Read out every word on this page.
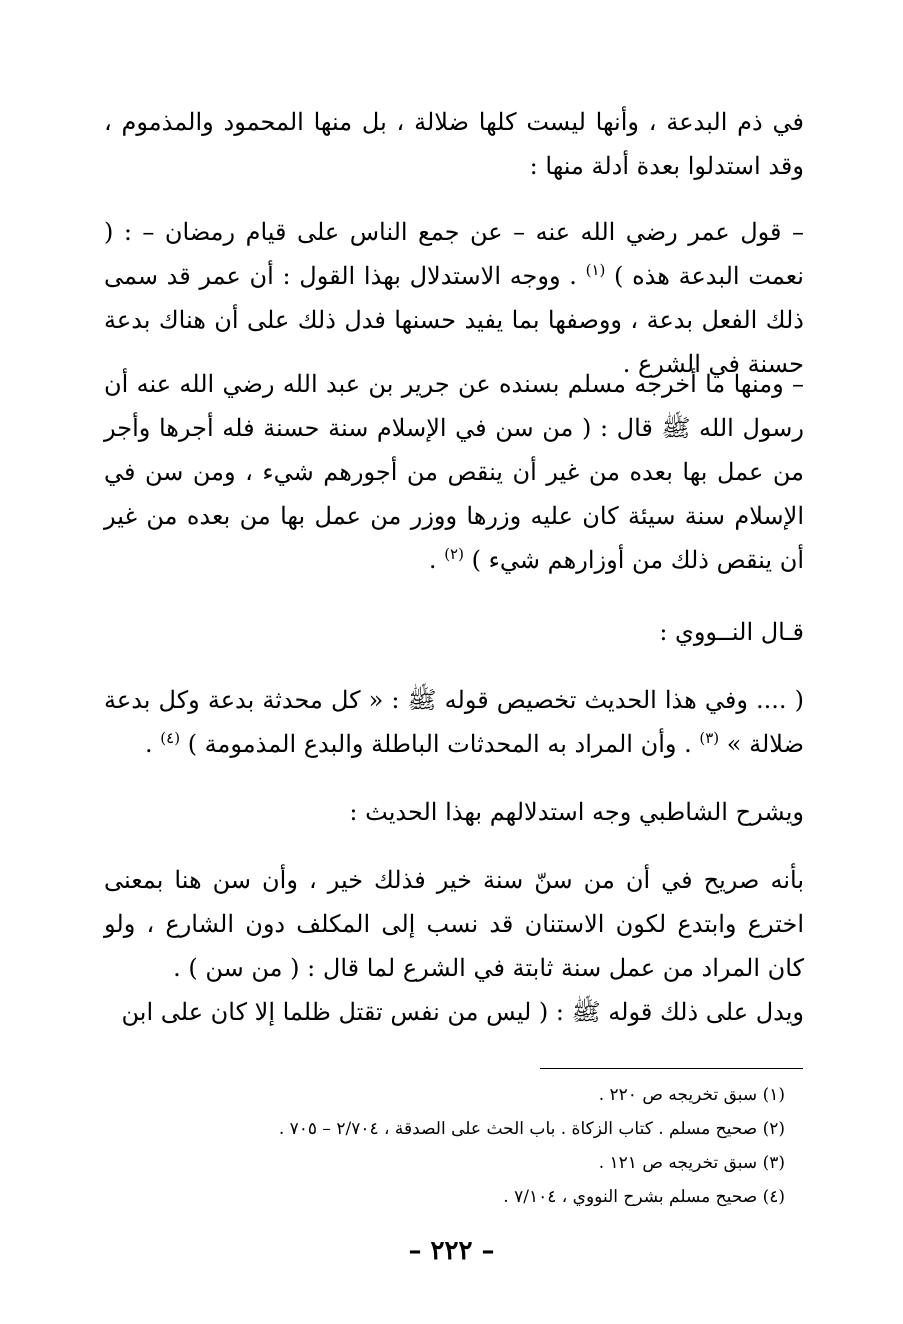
في ذم البدعة ، وأنها ليست كلها ضلالة ، بل منها المحمود والمذموم ، وقد استدلوا بعدة أدلة منها :

– قول عمر رضي الله عنه – عن جمع الناس على قيام رمضان – : ( نعمت البدعة هذه ) $^{(١)}$ . ووجه الاستدلال بهذا القول : أن عمر قد سمى ذلك الفعل بدعة ، ووصفها بما يفيد حسنها فدل ذلك على أن هناك بدعة حسنة في الشرع .

– ومنها ما أخرجه مسلم بسنده عن جرير بن عبد الله رضي الله عنه أن رسول الله ﷺ قال : ( من سن في الإسلام سنة حسنة فله أجرها وأجر من عمل بها بعده من غير أن ينقص من أجورهم شيء ، ومن سن في الإسلام سنة سيئة كان عليه وزرها ووزر من عمل بها من بعده من غير أن ينقص ذلك من أوزارهم شيء ) $^{(٢)}$ .

قـال النــووي :

( .... وفي هذا الحديث تخصيص قوله ﷺ : « كل محدثة بدعة وكل بدعة ضلالة » $^{(٣)}$ . وأن المراد به المحدثات الباطلة والبدع المذمومة ) $^{(٤)}$ .

ويشرح الشاطبي وجه استدلالهم بهذا الحديث :

بأنه صريح في أن من سنّ سنة خير فذلك خير ، وأن سن هنا بمعنى اخترع وابتدع لكون الاستنان قد نسب إلى المكلف دون الشارع ، ولو كان المراد من عمل سنة ثابتة في الشرع لما قال : ( من سن ) .

ويدل على ذلك قوله ﷺ : ( ليس من نفس تقتل ظلما إلا كان على ابن

(١) سبق تخريجه ص ٢٢٠ .

(٢) صحيح مسلم . كتاب الزكاة . باب الحث على الصدقة ، ٢/٧٠٤ – ٧٠٥ .

(٣) سبق تخريجه ص ١٢١ .

(٤) صحيح مسلم بشرح النووي ، ٧/١٠٤ .

– ٢٢٢ –
